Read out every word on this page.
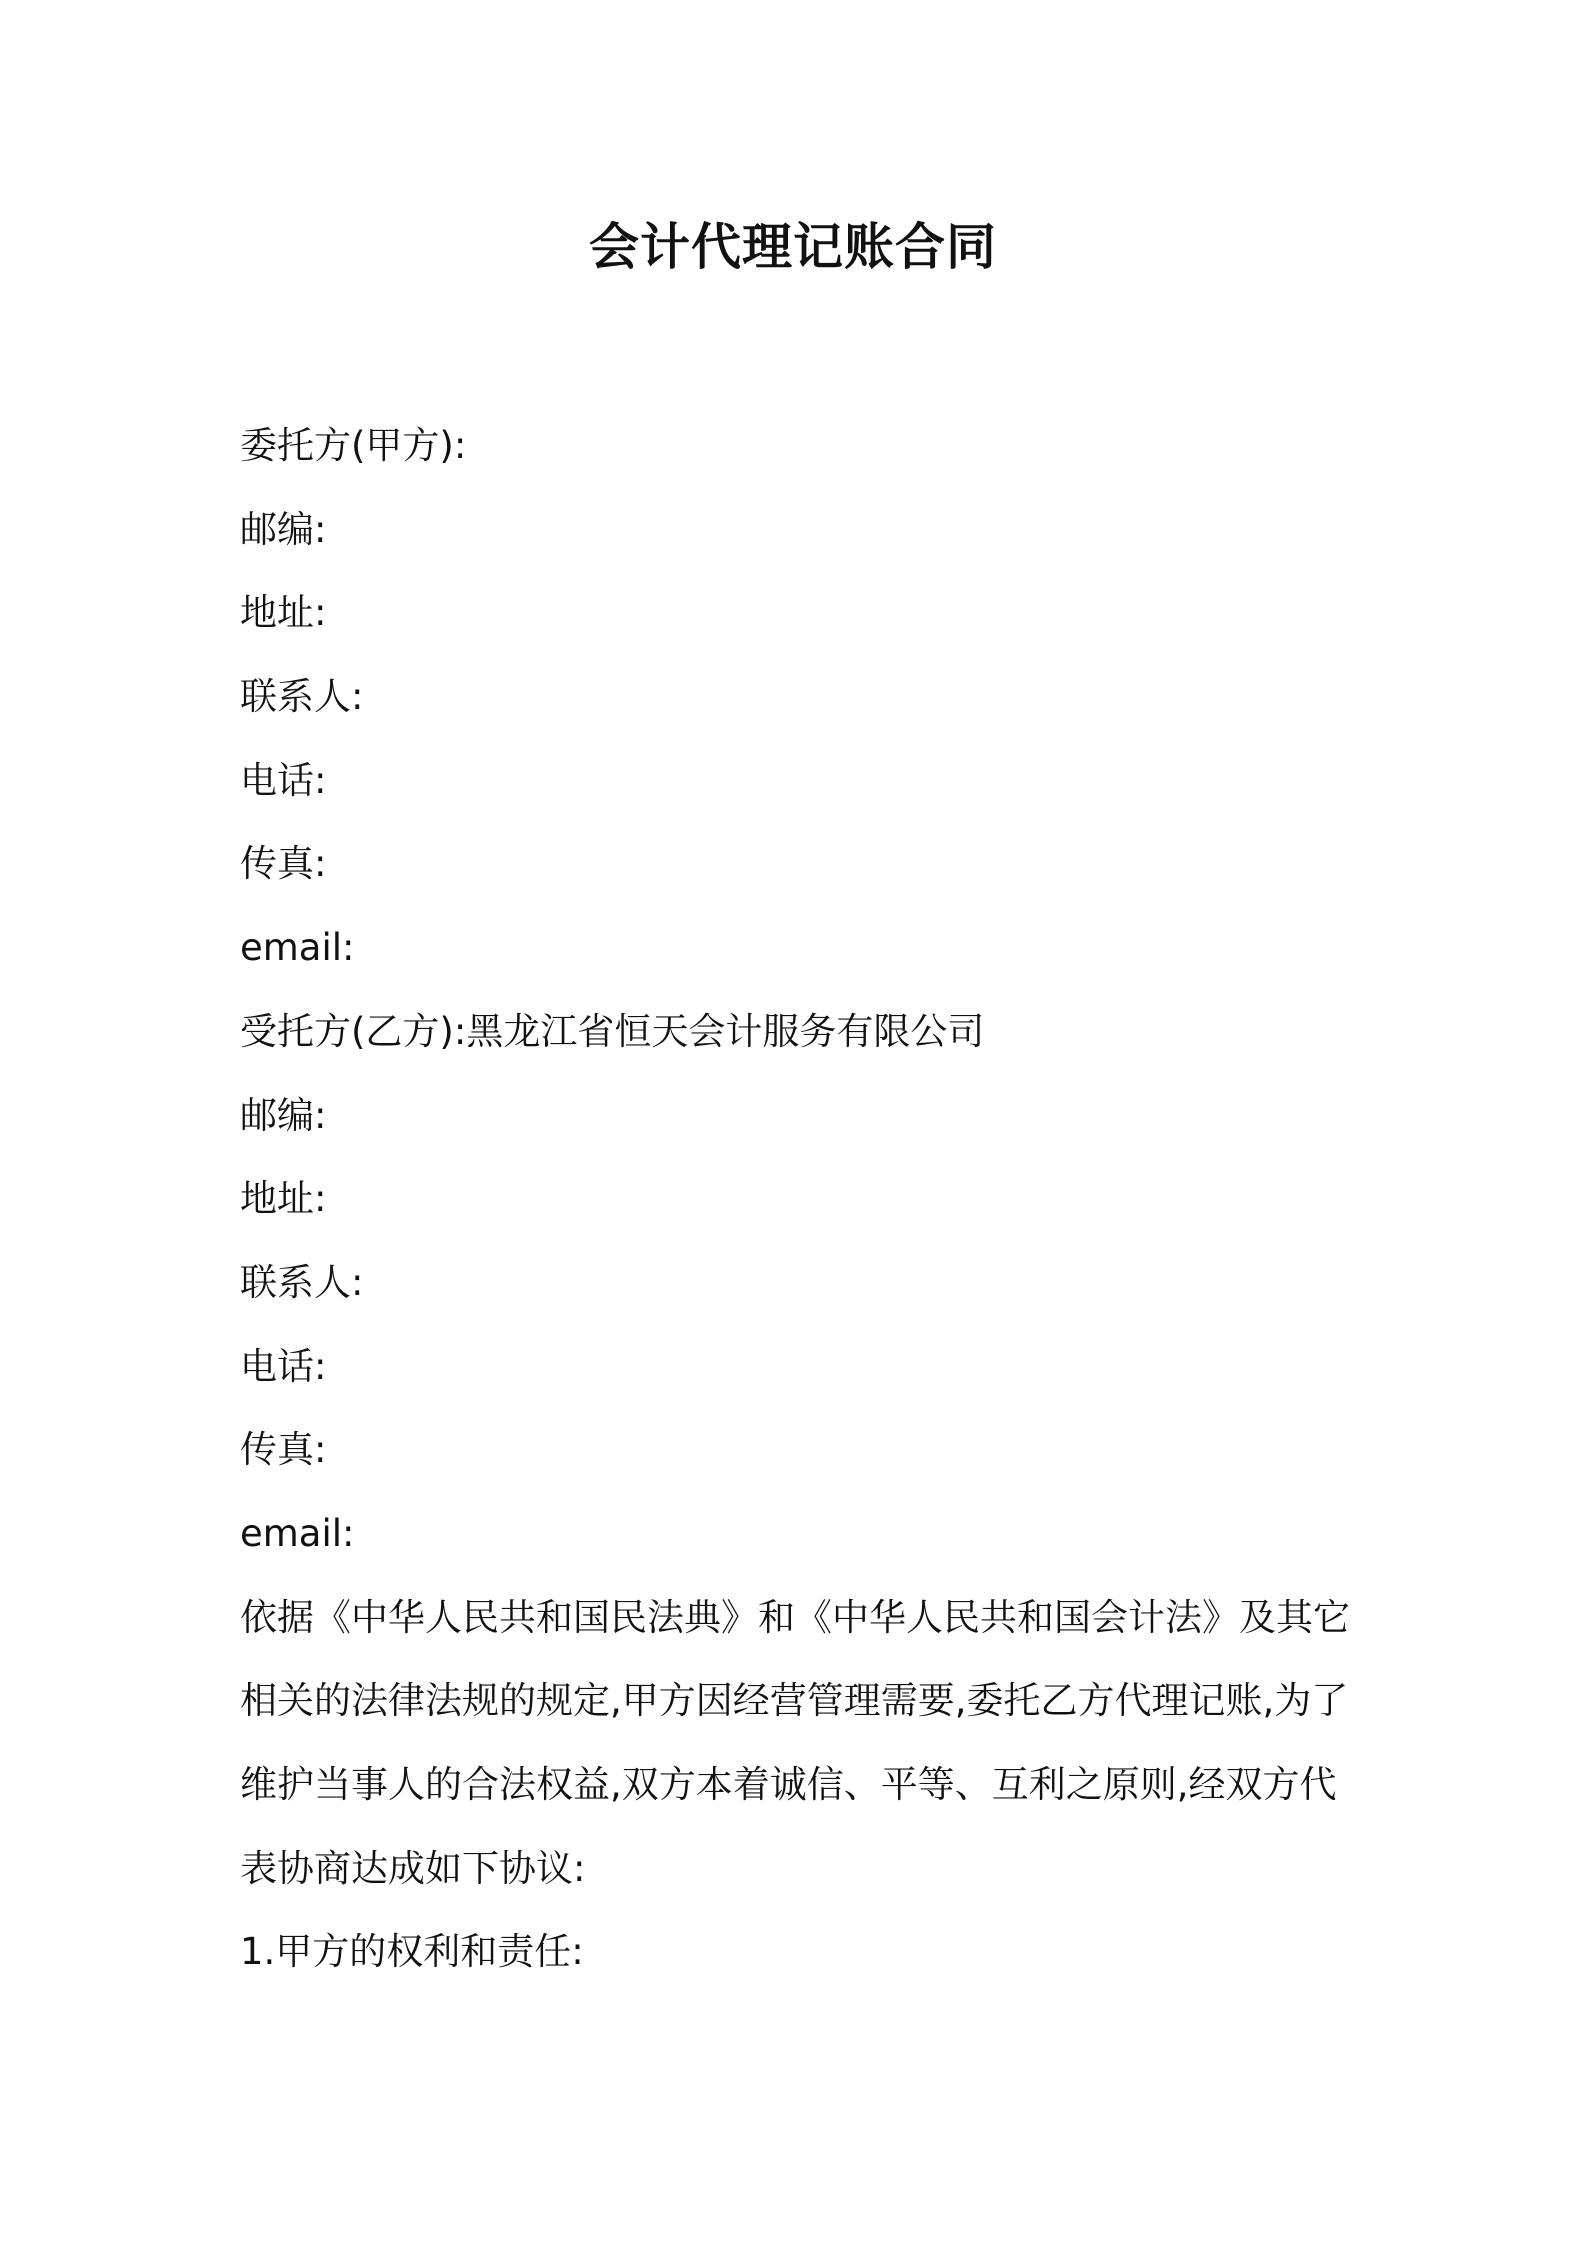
会计代理记账合同
委托方(甲方):
邮编:
地址:
联系人:
电话:
传真:
email:
受托方(乙方):黑龙江省恒天会计服务有限公司
邮编:
地址:
联系人:
电话:
传真:
email:
依据《中华人民共和国民法典》和《中华人民共和国会计法》及其它相关的法律法规的规定,甲方因经营管理需要,委托乙方代理记账,为了维护当事人的合法权益,双方本着诚信、平等、互利之原则,经双方代表协商达成如下协议:
1.甲方的权利和责任:
